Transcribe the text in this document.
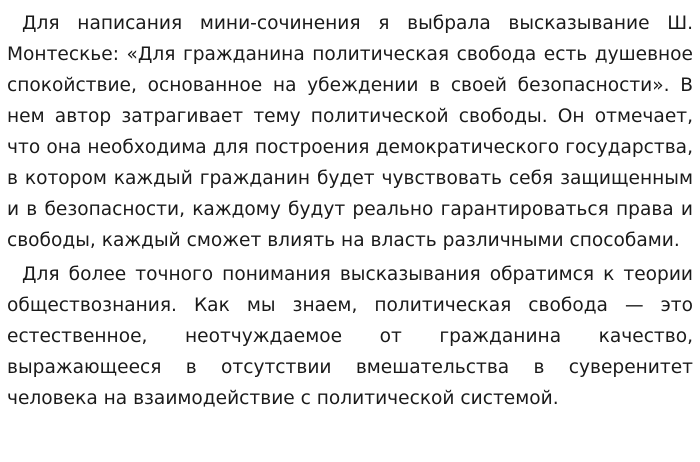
Для написания мини-сочинения я выбрала высказывание Ш. Монтескье: «Для гражданина политическая свобода есть душевное спокойствие, основанное на убеждении в своей безопасности». В нем автор затрагивает тему политической свободы. Он отмечает, что она необходима для построения демократического государства, в котором каждый гражданин будет чувствовать себя защищенным и в безопасности, каждому будут реально гарантироваться права и свободы, каждый сможет влиять на власть различными способами.

Для более точного понимания высказывания обратимся к теории обществознания. Как мы знаем, политическая свобода — это естественное, неотчуждаемое от гражданина качество, выражающееся в отсутствии вмешательства в суверенитет человека на взаимодействие с политической системой.
